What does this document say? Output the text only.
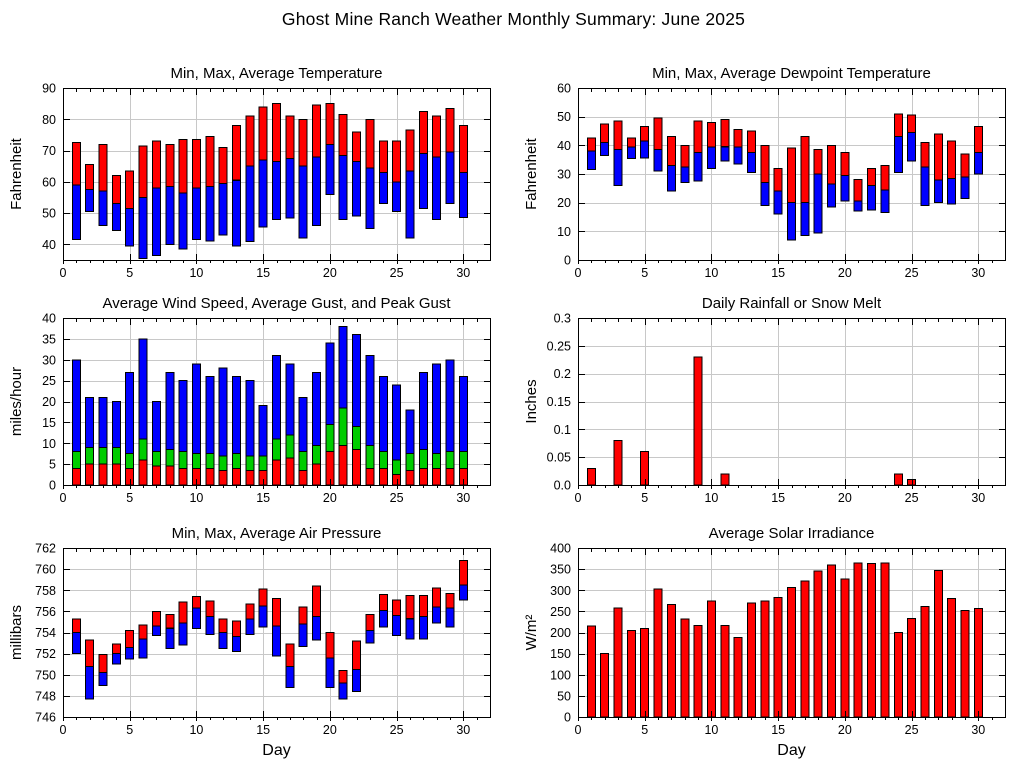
Ghost Mine Ranch Weather Monthly Summary: June 2025
40
50
60
70
80
90
0	5	10	15	20	25	30
Min, Max, Average Temperature
Fahrenheit
0
10
20
30
40
50
60
0	5	10	15	20	25	30
Min, Max, Average Dewpoint Temperature
Fahrenheit
0
5
10
15
20
25
30
35
40
0	5	10	15	20	25	30
Average Wind Speed, Average Gust, and Peak Gust
miles/hour
0.0
0.05
0.1
0.15
0.2
0.25
0.3
0	5	10	15	20	25	30
Daily Rainfall or Snow Melt
Inches
746
748
750
752
754
756
758
760
762
0	5	10	15	20	25	30
Min, Max, Average Air Pressure
millibars
Day
0
50
100
150
200
250
300
350
400
0	5	10	15	20	25	30
Average Solar Irradiance
W/m²
Day
